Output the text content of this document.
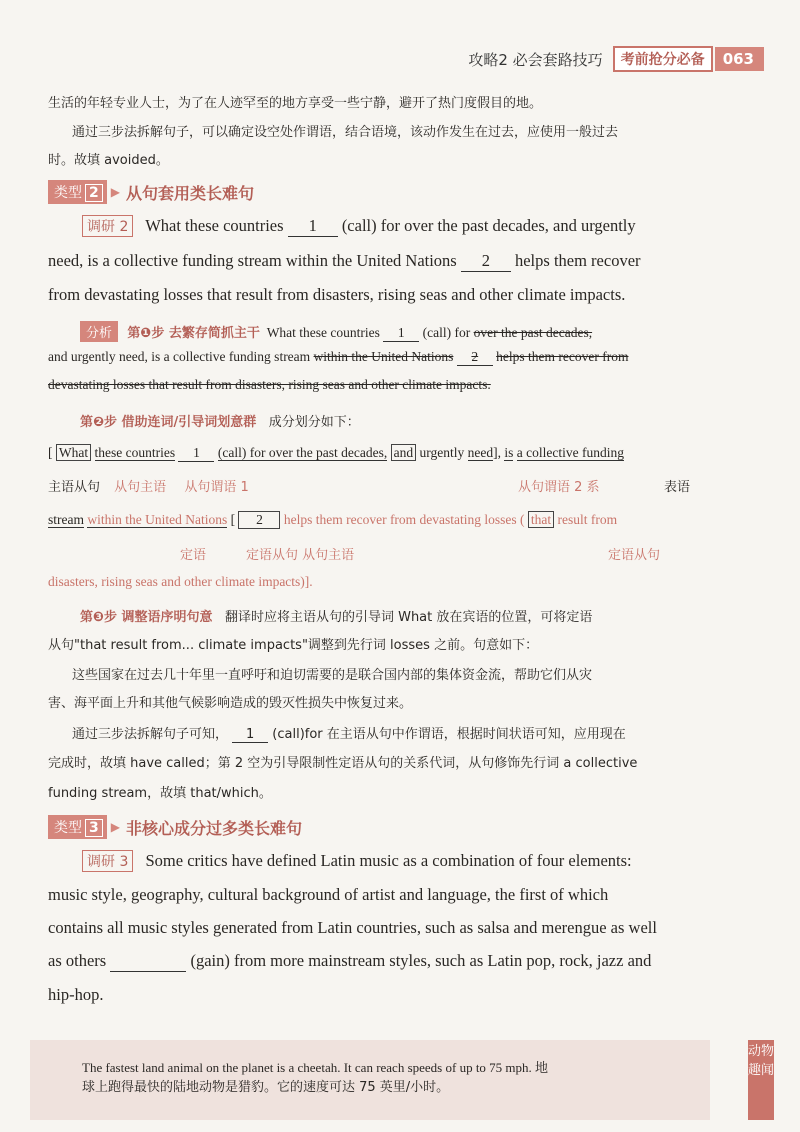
攻略2 必会套路技巧	考前抢分必备	063
生活的年轻专业人士，为了在人迹罕至的地方享受一些宁静，避开了热门度假目的地。
通过三步法拆解句子，可以确定设空处作谓语，结合语境，该动作发生在过去，应使用一般过去
时。故填 avoided。
类型 2	▶ 从句套用类长难句
调研 2 What these countries 1 (call) for over the past decades, and urgently
need, is a collective funding stream within the United Nations 2 helps them recover
from devastating losses that result from disasters, rising seas and other climate impacts.
分析 第❶步 去繁存简抓主干 What these countries 1 (call) for over the past decades,
and urgently need, is a collective funding stream within the United Nations 2 helps them recover from
devastating losses that result from disasters, rising seas and other climate impacts.
第❷步 借助连词/引导词划意群 成分划分如下：
[ What these countries 1 (call) for over the past decades, and urgently need], is a collective funding
主语从句 从句主语 从句谓语 1	从句谓语 2 系	表语
stream within the United Nations [ 2 helps them recover from devastating losses ( that result from
定语	定语从句 从句主语	定语从句
disasters, rising seas and other climate impacts)].
第❸步 调整语序明句意 翻译时应将主语从句的引导词 What 放在宾语的位置，可将定语
从句"that result from... climate impacts"调整到先行词 losses 之前。句意如下：
这些国家在过去几十年里一直呼吁和迫切需要的是联合国内部的集体资金流，帮助它们从灾
害、海平面上升和其他气候影响造成的毁灭性损失中恢复过来。
通过三步法拆解句子可知， 1 (call)for 在主语从句中作谓语，根据时间状语可知，应用现在
完成时，故填 have called；第 2 空为引导限制性定语从句的关系代词，从句修饰先行词 a collective
funding stream，故填 that/which。
类型 3	▶ 非核心成分过多类长难句
调研 3 Some critics have defined Latin music as a combination of four elements:
music style, geography, cultural background of artist and language, the first of which
contains all music styles generated from Latin countries, such as salsa and merengue as well
as others	(gain) from more mainstream styles, such as Latin pop, rock, jazz and
hip-hop.
The fastest land animal on the planet is a cheetah. It can reach speeds of up to 75 mph. 地
球上跑得最快的陆地动物是猎豹。它的速度可达 75 英里/小时。
动物趣闻
